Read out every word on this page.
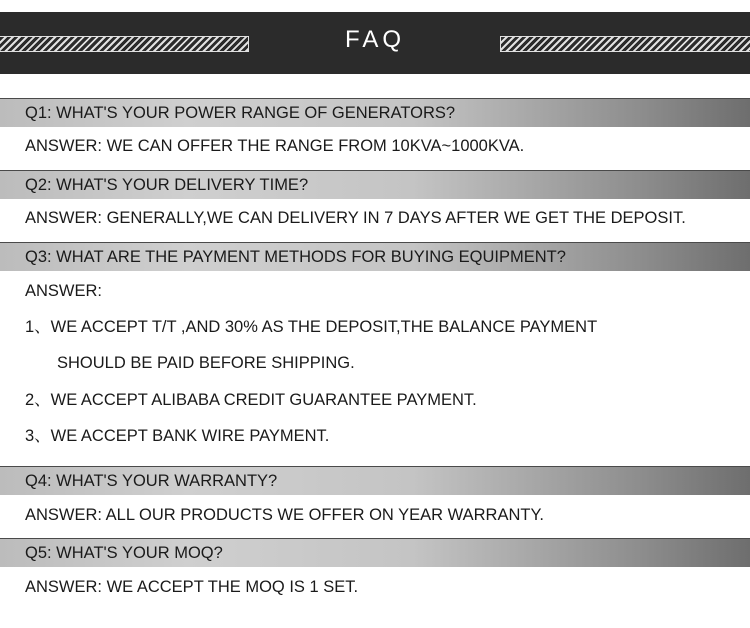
FAQ
Q1: WHAT'S YOUR POWER RANGE OF GENERATORS?
ANSWER: WE CAN OFFER THE RANGE FROM 10KVA~1000KVA.
Q2: WHAT'S YOUR DELIVERY TIME?
ANSWER: GENERALLY,WE CAN DELIVERY IN 7 DAYS AFTER WE GET THE DEPOSIT.
Q3: WHAT ARE THE PAYMENT METHODS FOR BUYING EQUIPMENT?
ANSWER:
1、WE ACCEPT T/T ,AND 30% AS THE DEPOSIT,THE BALANCE PAYMENT
SHOULD BE PAID BEFORE SHIPPING.
2、WE ACCEPT ALIBABA CREDIT GUARANTEE PAYMENT.
3、WE ACCEPT BANK WIRE PAYMENT.
Q4: WHAT'S YOUR WARRANTY?
ANSWER: ALL OUR PRODUCTS WE OFFER ON YEAR WARRANTY.
Q5: WHAT'S YOUR MOQ?
ANSWER: WE ACCEPT THE MOQ IS 1 SET.
